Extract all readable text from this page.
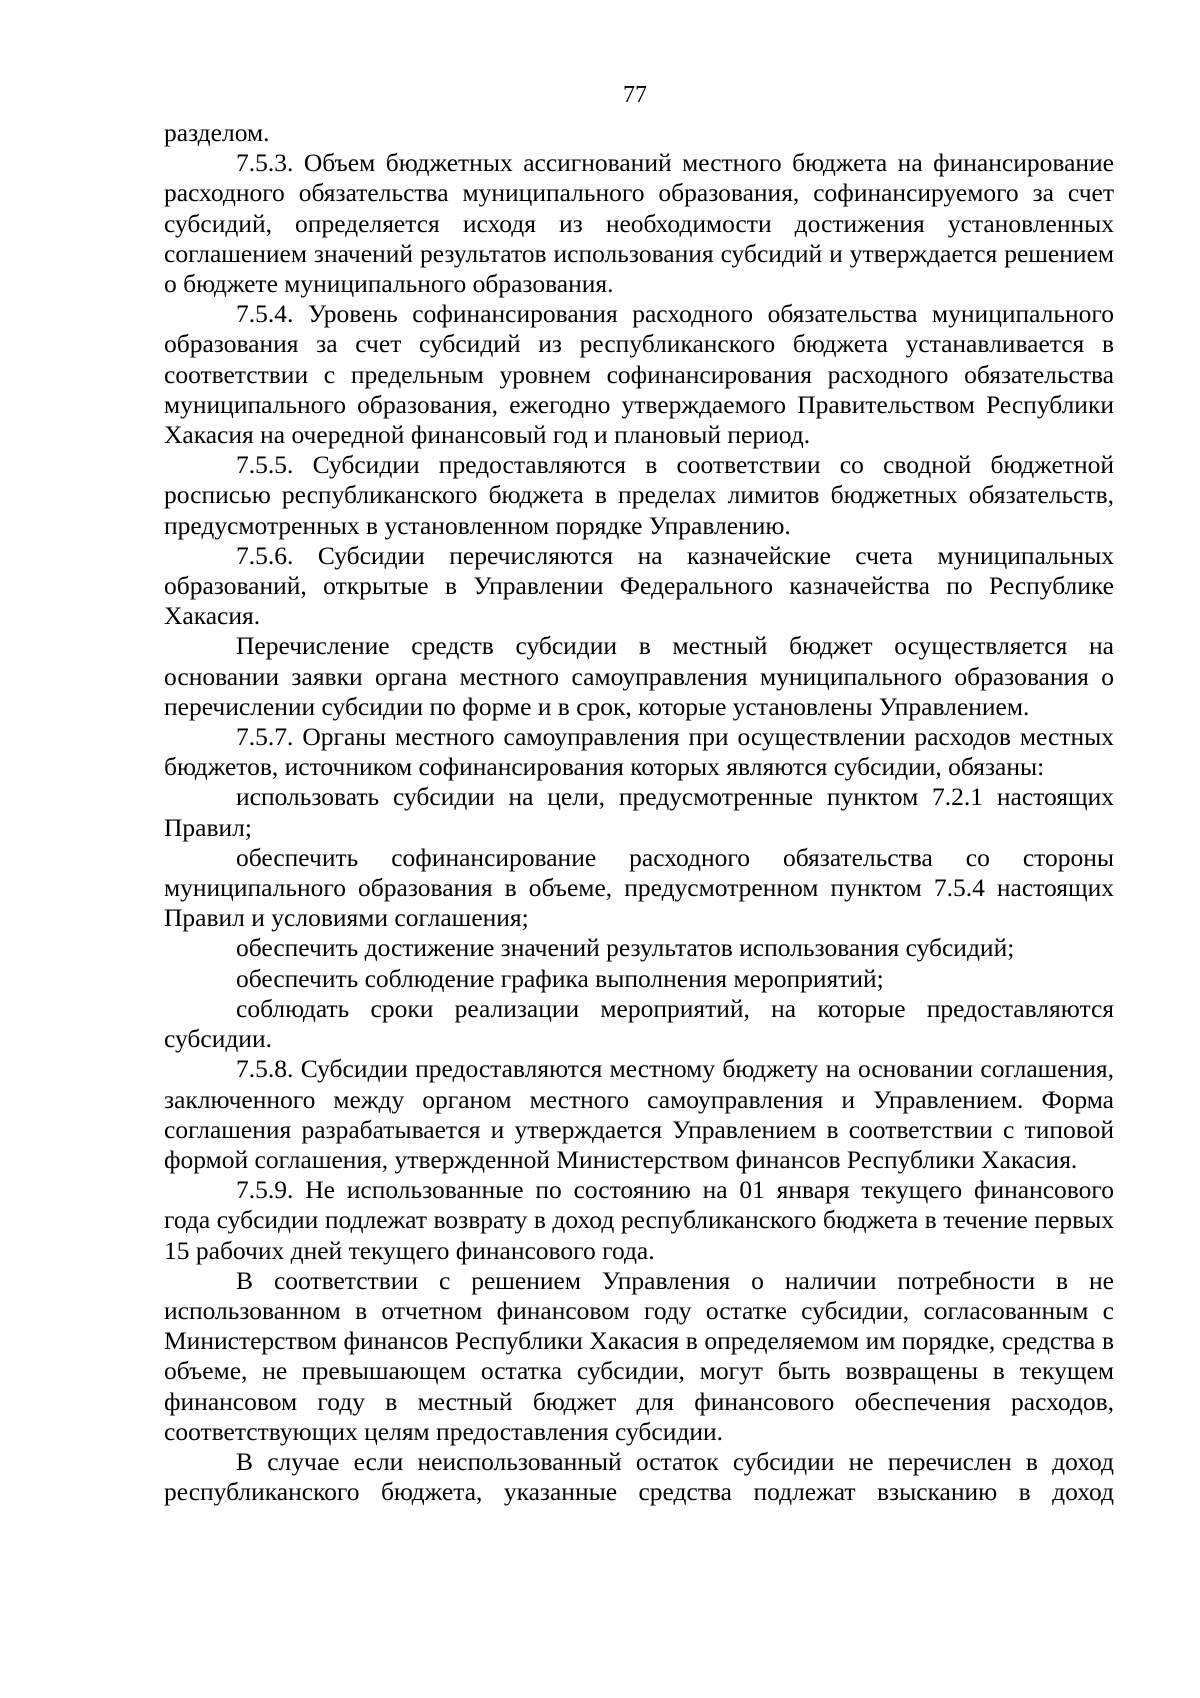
77

разделом.

7.5.3. Объем бюджетных ассигнований местного бюджета на финансирование расходного обязательства муниципального образования, софинансируемого за счет субсидий, определяется исходя из необходимости достижения установленных соглашением значений результатов использования субсидий и утверждается решением о бюджете муниципального образования.

7.5.4. Уровень софинансирования расходного обязательства муниципального образования за счет субсидий из республиканского бюджета устанавливается в соответствии с предельным уровнем софинансирования расходного обязательства муниципального образования, ежегодно утверждаемого Правительством Республики Хакасия на очередной финансовый год и плановый период.

7.5.5. Субсидии предоставляются в соответствии со сводной бюджетной росписью республиканского бюджета в пределах лимитов бюджетных обязательств, предусмотренных в установленном порядке Управлению.

7.5.6. Субсидии перечисляются на казначейские счета муниципальных образований, открытые в Управлении Федерального казначейства по Республике Хакасия.

Перечисление средств субсидии в местный бюджет осуществляется на основании заявки органа местного самоуправления муниципального образования о перечислении субсидии по форме и в срок, которые установлены Управлением.

7.5.7. Органы местного самоуправления при осуществлении расходов местных бюджетов, источником софинансирования которых являются субсидии, обязаны:

использовать субсидии на цели, предусмотренные пунктом 7.2.1 настоящих Правил;

обеспечить софинансирование расходного обязательства со стороны муниципального образования в объеме, предусмотренном пунктом 7.5.4 настоящих Правил и условиями соглашения;

обеспечить достижение значений результатов использования субсидий;

обеспечить соблюдение графика выполнения мероприятий;

соблюдать сроки реализации мероприятий, на которые предоставляются субсидии.

7.5.8. Субсидии предоставляются местному бюджету на основании соглашения, заключенного между органом местного самоуправления и Управлением. Форма соглашения разрабатывается и утверждается Управлением в соответствии с типовой формой соглашения, утвержденной Министерством финансов Республики Хакасия.

7.5.9. Не использованные по состоянию на 01 января текущего финансового года субсидии подлежат возврату в доход республиканского бюджета в течение первых 15 рабочих дней текущего финансового года.

В соответствии с решением Управления о наличии потребности в не использованном в отчетном финансовом году остатке субсидии, согласованным с Министерством финансов Республики Хакасия в определяемом им порядке, средства в объеме, не превышающем остатка субсидии, могут быть возвращены в текущем финансовом году в местный бюджет для финансового обеспечения расходов, соответствующих целям предоставления субсидии.

В случае если неиспользованный остаток субсидии не перечислен в доход республиканского бюджета, указанные средства подлежат взысканию в доход
